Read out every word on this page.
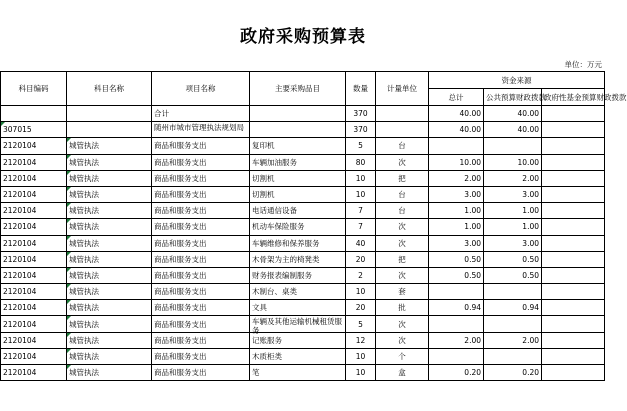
政府采购预算表
单位：万元
科目编码	科目名称	项目名称	主要采购品目	数量	计量单位	资金来源		
						总计	公共预算财政拨款	政府性基金预算财政拨款

		合计		370		40.00	40.00	
307015		随州市城市管理执法规划局		370		40.00	40.00	
2120104	城管执法	商品和服务支出	复印机	5	台			
2120104	城管执法	商品和服务支出	车辆加油服务	80	次	10.00	10.00	
2120104	城管执法	商品和服务支出	切割机	10	把	2.00	2.00	
2120104	城管执法	商品和服务支出	切割机	10	台	3.00	3.00	
2120104	城管执法	商品和服务支出	电话通信设备	7	台	1.00	1.00	
2120104	城管执法	商品和服务支出	机动车保险服务	7	次	1.00	1.00	
2120104	城管执法	商品和服务支出	车辆维修和保养服务	40	次	3.00	3.00	
2120104	城管执法	商品和服务支出	木骨架为主的椅凳类	20	把	0.50	0.50	
2120104	城管执法	商品和服务支出	财务报表编制服务	2	次	0.50	0.50	
2120104	城管执法	商品和服务支出	木制台、桌类	10	套			
2120104	城管执法	商品和服务支出	文具	20	批	0.94	0.94	
2120104	城管执法	商品和服务支出	车辆及其他运输机械租赁服务	5	次			
2120104	城管执法	商品和服务支出	记账服务	12	次	2.00	2.00	
2120104	城管执法	商品和服务支出	木质柜类	10	个			
2120104	城管执法	商品和服务支出	笔	10	盒	0.20	0.20	
